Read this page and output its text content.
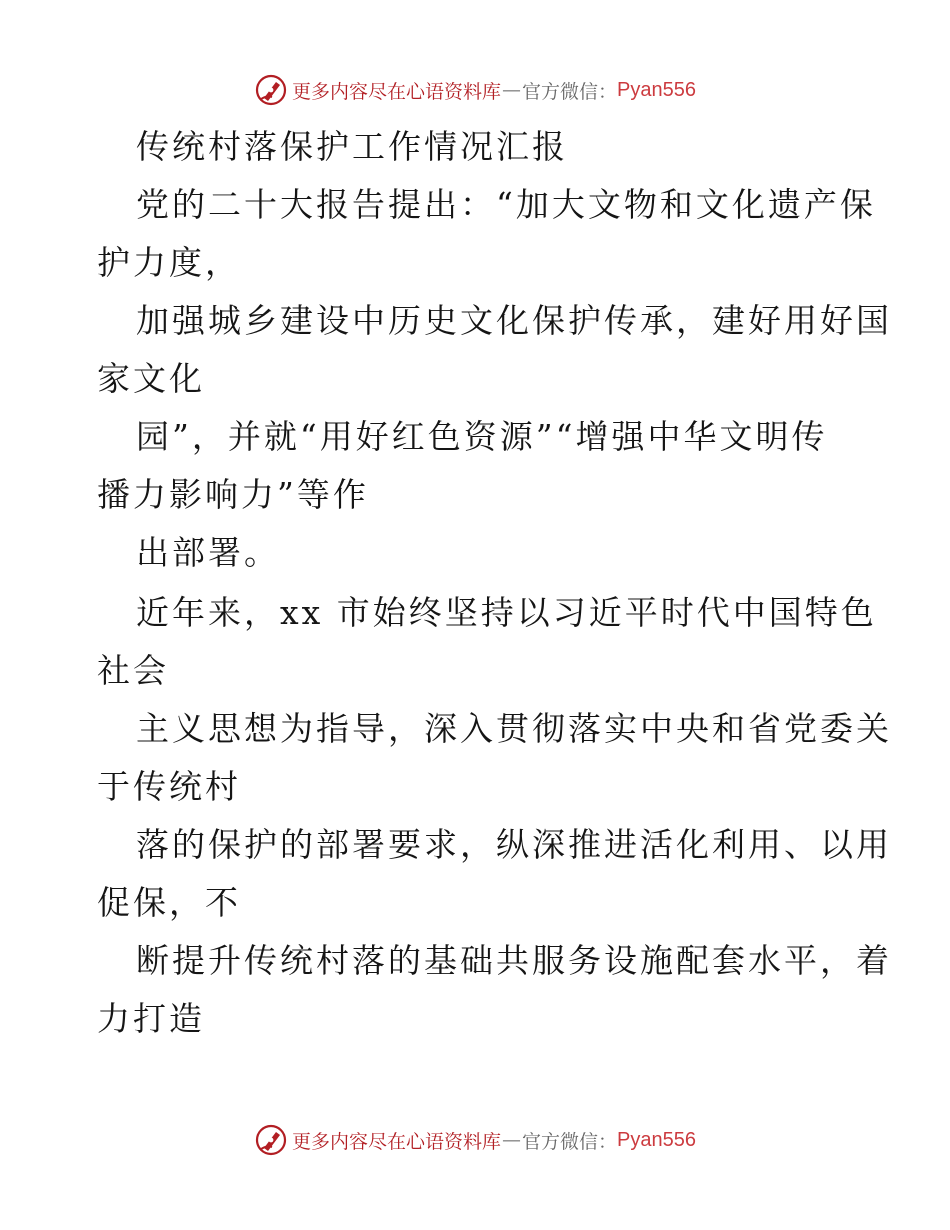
更多内容尽在心语资料库 — 官方微信： Pyan556
传统村落保护工作情况汇报
党的二十大报告提出：“加大文物和文化遗产保
护力度，
加强城乡建设中历史文化保护传承，建好用好国
家文化
园”，并就“用好红色资源”“增强中华文明传
播力影响力”等作
出部署。
近年来，xx 市始终坚持以习近平时代中国特色
社会
主义思想为指导，深入贯彻落实中央和省党委关
于传统村
落的保护的部署要求，纵深推进活化利用、以用
促保，不
断提升传统村落的基础共服务设施配套水平，着
力打造
更多内容尽在心语资料库 — 官方微信： Pyan556
